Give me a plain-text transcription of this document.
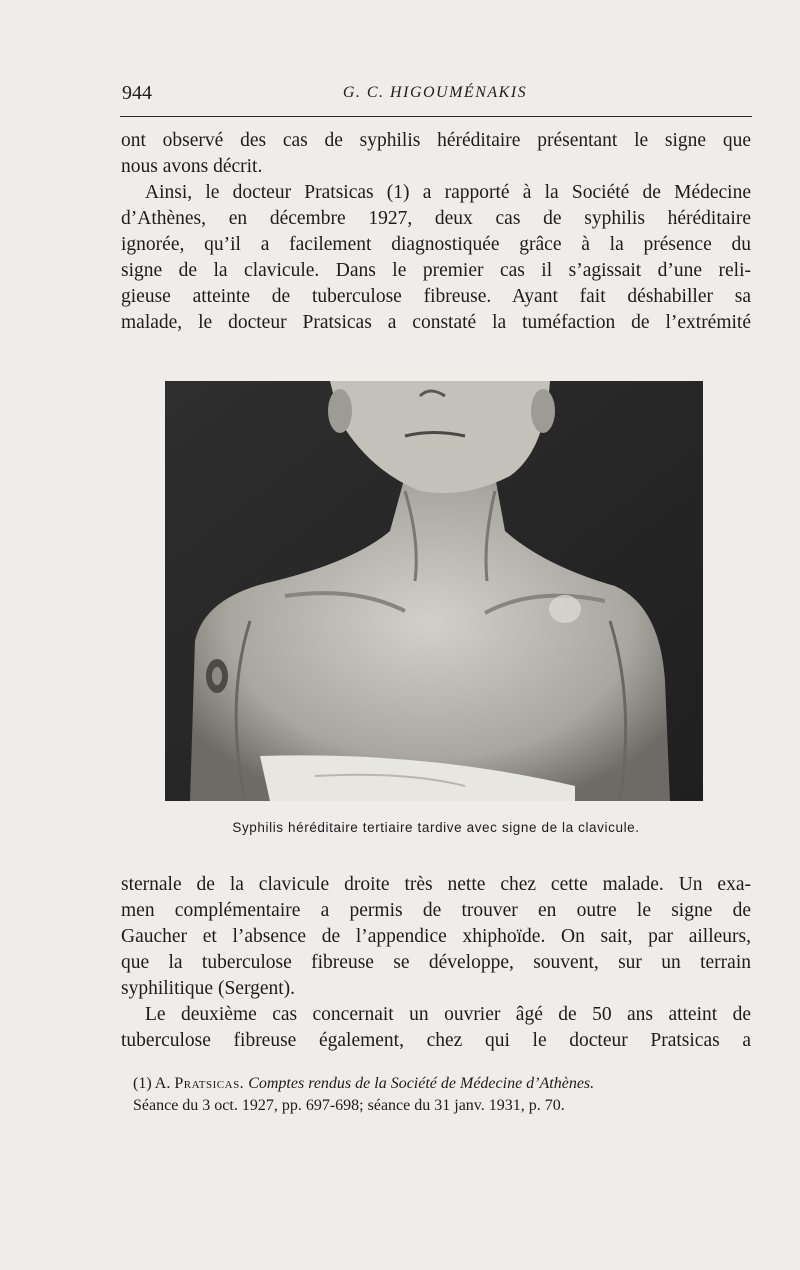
944	G. C. HIGOUMÉNAKIS
ont observé des cas de syphilis héréditaire présentant le signe que
nous avons décrit.
Ainsi, le docteur Pratsicas (1) a rapporté à la Société de Médecine
d’Athènes, en décembre 1927, deux cas de syphilis héréditaire
ignorée, qu’il a facilement diagnostiquée grâce à la présence du
signe de la clavicule. Dans le premier cas il s’agissait d’une reli-
gieuse atteinte de tuberculose fibreuse. Ayant fait déshabiller sa
malade, le docteur Pratsicas a constaté la tuméfaction de l’extrémité
Syphilis héréditaire tertiaire tardive avec signe de la clavicule.
sternale de la clavicule droite très nette chez cette malade. Un exa-
men complémentaire a permis de trouver en outre le signe de
Gaucher et l’absence de l’appendice xhiphoïde. On sait, par ailleurs,
que la tuberculose fibreuse se développe, souvent, sur un terrain
syphilitique (Sergent).
Le deuxième cas concernait un ouvrier âgé de 50 ans atteint de
tuberculose fibreuse également, chez qui le docteur Pratsicas a
(1) A. Pratsicas. Comptes rendus de la Société de Médecine d’Athènes.
Séance du 3 oct. 1927, pp. 697-698; séance du 31 janv. 1931, p. 70.
